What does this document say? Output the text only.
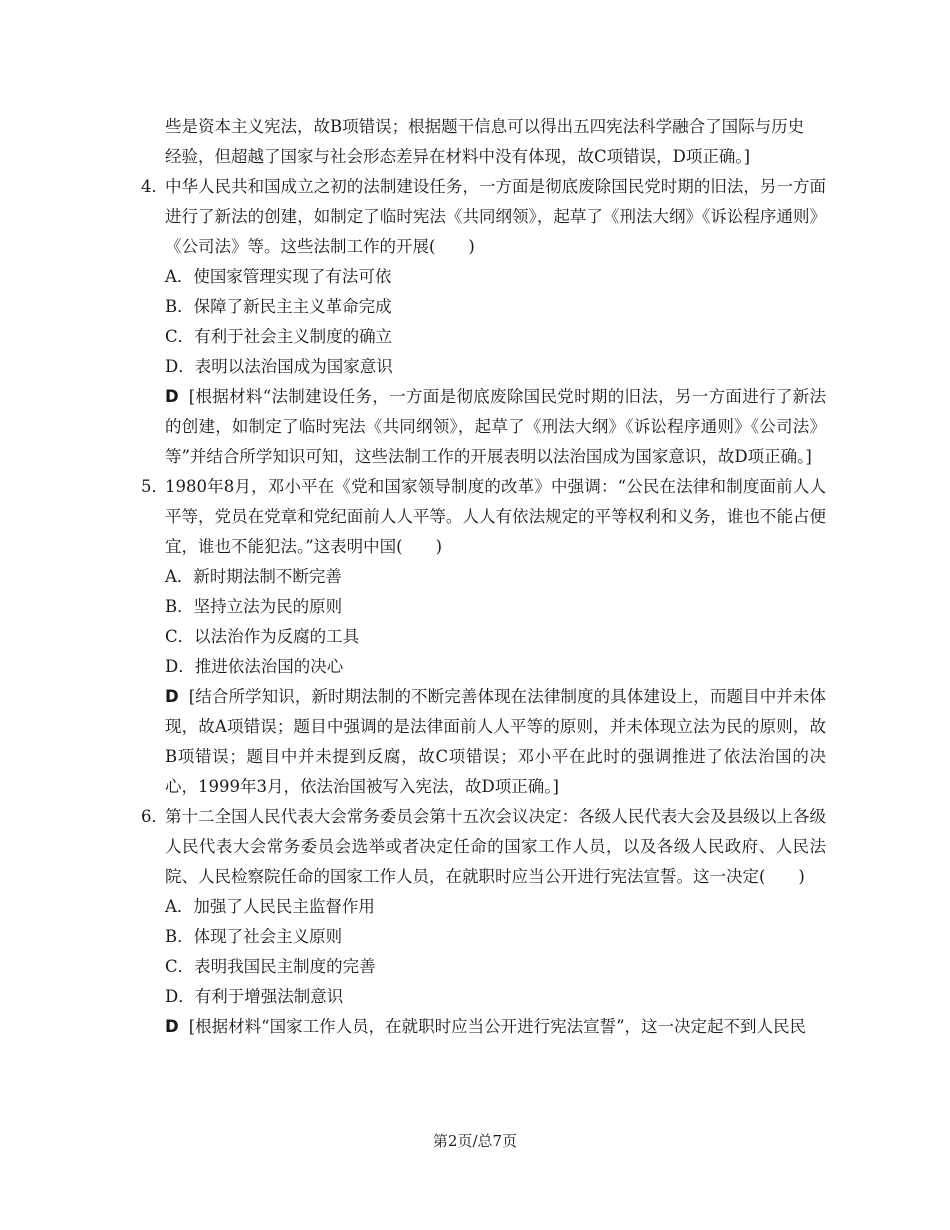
些是资本主义宪法，故B项错误；根据题干信息可以得出五四宪法科学融合了国际与历史
经验，但超越了国家与社会形态差异在材料中没有体现，故C项错误，D项正确。]
4．
中华人民共和国成立之初的法制建设任务，一方面是彻底废除国民党时期的旧法，另一方面进行了新法的创建，如制定了临时宪法《共同纲领》，起草了《刑法大纲》《诉讼程序通则》《公司法》等。这些法制工作的开展(　　)
A．使国家管理实现了有法可依
B．保障了新民主主义革命完成
C．有利于社会主义制度的确立
D．表明以法治国成为国家意识
D [根据材料“法制建设任务，一方面是彻底废除国民党时期的旧法，另一方面进行了新法的创建，如制定了临时宪法《共同纲领》，起草了《刑法大纲》《诉讼程序通则》《公司法》等”并结合所学知识可知，这些法制工作的开展表明以法治国成为国家意识，故D项正确。]
5．
1980年8月，邓小平在《党和国家领导制度的改革》中强调：“公民在法律和制度面前人人平等，党员在党章和党纪面前人人平等。人人有依法规定的平等权利和义务，谁也不能占便宜，谁也不能犯法。”这表明中国(　　)
A．新时期法制不断完善
B．坚持立法为民的原则
C．以法治作为反腐的工具
D．推进依法治国的决心
D [结合所学知识，新时期法制的不断完善体现在法律制度的具体建设上，而题目中并未体现，故A项错误；题目中强调的是法律面前人人平等的原则，并未体现立法为民的原则，故B项错误；题目中并未提到反腐，故C项错误；邓小平在此时的强调推进了依法治国的决心，1999年3月，依法治国被写入宪法，故D项正确。]
6．
第十二全国人民代表大会常务委员会第十五次会议决定：各级人民代表大会及县级以上各级人民代表大会常务委员会选举或者决定任命的国家工作人员，以及各级人民政府、人民法院、人民检察院任命的国家工作人员，在就职时应当公开进行宪法宣誓。这一决定(　　)
A．加强了人民民主监督作用
B．体现了社会主义原则
C．表明我国民主制度的完善
D．有利于增强法制意识
D [根据材料“国家工作人员，在就职时应当公开进行宪法宣誓”，这一决定起不到人民民
第2页/总7页
